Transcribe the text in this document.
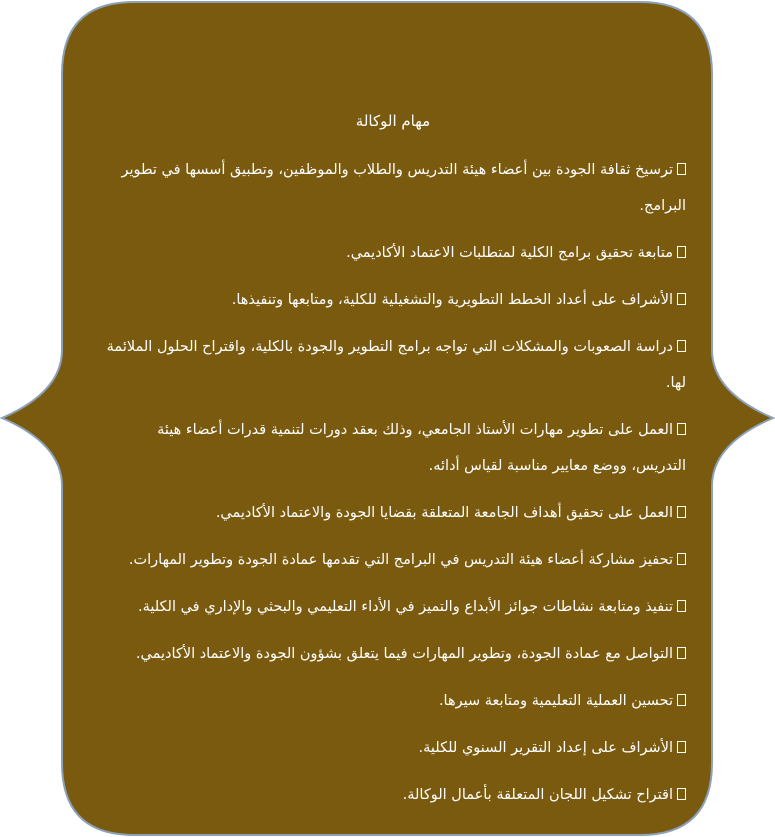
مهام الوكالة
ترسيخ ثقافة الجودة بين أعضاء هيئة التدريس والطلاب والموظفين، وتطبيق أسسها في تطوير البرامج.
متابعة تحقيق برامج الكلية لمتطلبات الاعتماد الأكاديمي.
الأشراف على أعداد الخطط التطويرية والتشغيلية للكلية، ومتابعها وتنفيذها.
دراسة الصعوبات والمشكلات التي تواجه برامج التطوير والجودة بالكلية، واقتراح الحلول الملائمة لها.
العمل على تطوير مهارات الأستاذ الجامعي، وذلك بعقد دورات لتنمية قدرات أعضاء هيئة التدريس، ووضع معايير مناسبة لقياس أدائه.
العمل على تحقيق أهداف الجامعة المتعلقة بقضايا الجودة والاعتماد الأكاديمي.
تحفيز مشاركة أعضاء هيئة التدريس في البرامج التي تقدمها عمادة الجودة وتطوير المهارات.
تنفيذ ومتابعة نشاطات جوائز الأبداع والتميز في الأداء التعليمي والبحثي والإداري في الكلية.
التواصل مع عمادة الجودة، وتطوير المهارات فيما يتعلق بشؤون الجودة والاعتماد الأكاديمي.
تحسين العملية التعليمية ومتابعة سيرها.
الأشراف على إعداد التقرير السنوي للكلية.
اقتراح تشكيل اللجان المتعلقة بأعمال الوكالة.
